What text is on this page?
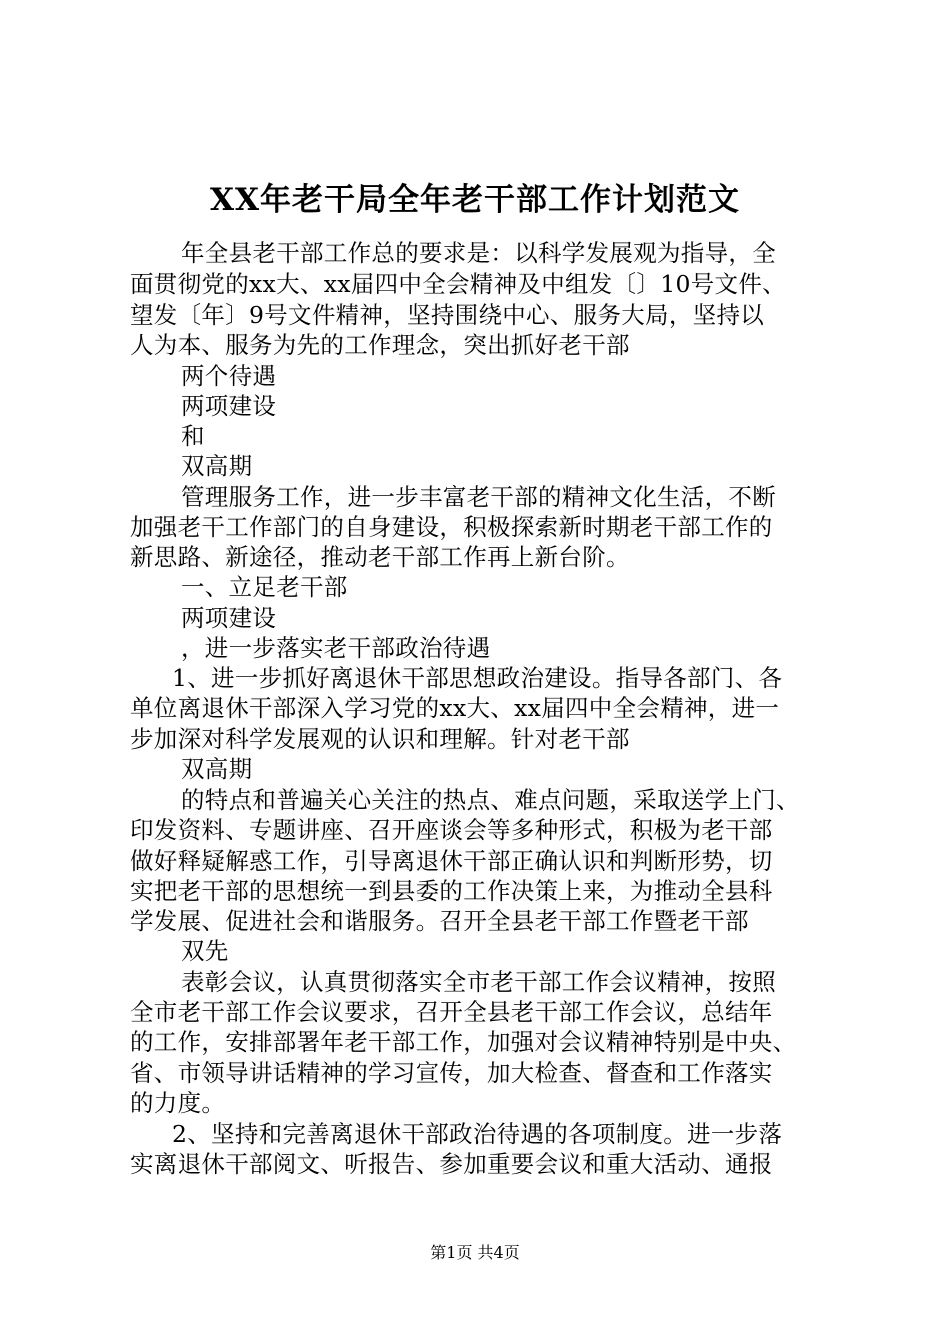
XX年老干局全年老干部工作计划范文
年全县老干部工作总的要求是：以科学发展观为指导，全
面贯彻党的xx大、xx届四中全会精神及中组发〔〕10号文件、
望发〔年〕9号文件精神，坚持围绕中心、服务大局，坚持以
人为本、服务为先的工作理念，突出抓好老干部
两个待遇
两项建设
和
双高期
管理服务工作，进一步丰富老干部的精神文化生活，不断
加强老干工作部门的自身建设，积极探索新时期老干部工作的
新思路、新途径，推动老干部工作再上新台阶。
一、立足老干部
两项建设
，进一步落实老干部政治待遇
1、进一步抓好离退休干部思想政治建设。指导各部门、各
单位离退休干部深入学习党的xx大、xx届四中全会精神，进一
步加深对科学发展观的认识和理解。针对老干部
双高期
的特点和普遍关心关注的热点、难点问题，采取送学上门、
印发资料、专题讲座、召开座谈会等多种形式，积极为老干部
做好释疑解惑工作，引导离退休干部正确认识和判断形势，切
实把老干部的思想统一到县委的工作决策上来，为推动全县科
学发展、促进社会和谐服务。召开全县老干部工作暨老干部
双先
表彰会议，认真贯彻落实全市老干部工作会议精神，按照
全市老干部工作会议要求，召开全县老干部工作会议，总结年
的工作，安排部署年老干部工作，加强对会议精神特别是中央、
省、市领导讲话精神的学习宣传，加大检查、督查和工作落实
的力度。
2、坚持和完善离退休干部政治待遇的各项制度。进一步落
实离退休干部阅文、听报告、参加重要会议和重大活动、通报
第1页 共4页
